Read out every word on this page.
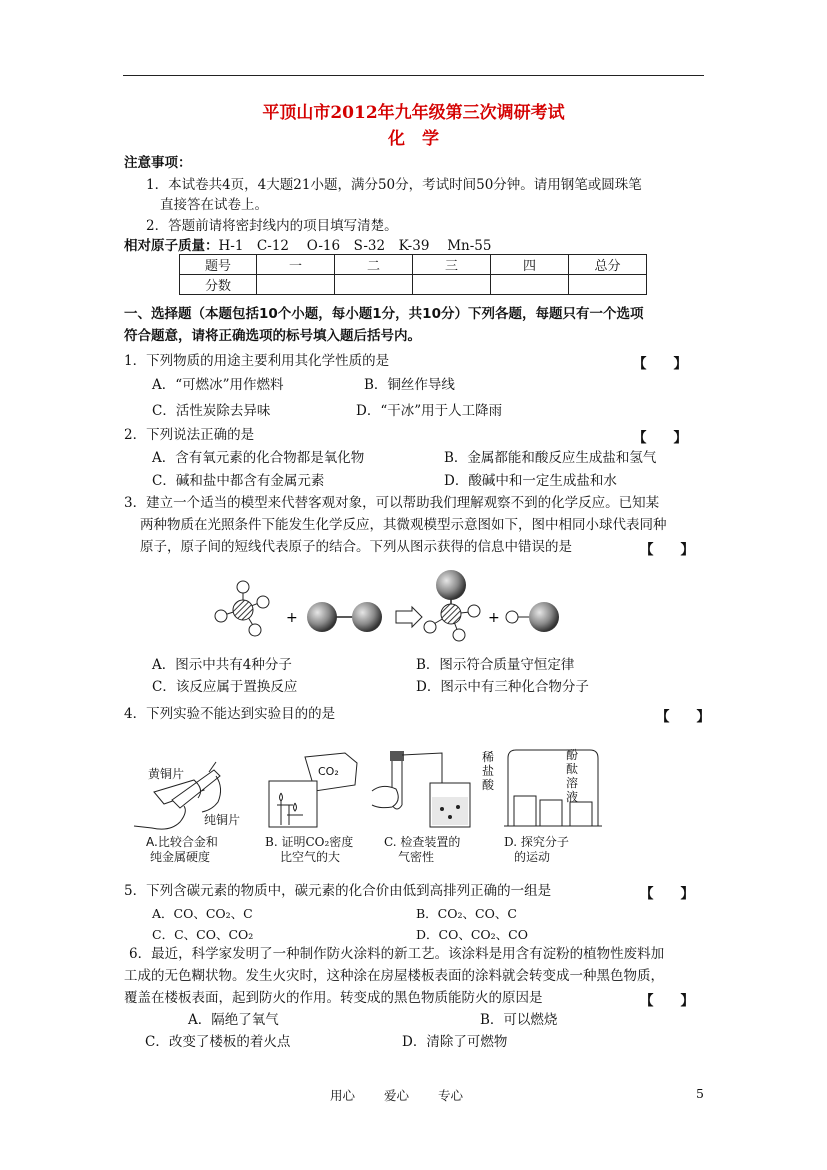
平顶山市2012年九年级第三次调研考试
化　学
注意事项：
1．本试卷共4页，4大题21小题，满分50分，考试时间50分钟。请用钢笔或圆珠笔
直接答在试卷上。
2．答题前请将密封线内的项目填写清楚。
相对原子质量：H-1　C-12　 O-16　S-32　K-39　 Mn-55
题号	一	二	三	四	总分
分数					
一、选择题（本题包括10个小题，每小题1分，共10分）下列各题，每题只有一个选项
符合题意，请将正确选项的标号填入题后括号内。
1．下列物质的用途主要利用其化学性质的是	【　　】
A．“可燃冰”用作燃料	B．铜丝作导线
C．活性炭除去异味	D．“干冰”用于人工降雨
2．下列说法正确的是	【　　】
A．含有氧元素的化合物都是氧化物	B．金属都能和酸反应生成盐和氢气
C．碱和盐中都含有金属元素	D．酸碱中和一定生成盐和水
3．建立一个适当的模型来代替客观对象，可以帮助我们理解观察不到的化学反应。已知某
两种物质在光照条件下能发生化学反应，其微观模型示意图如下，图中相同小球代表同种
原子，原子间的短线代表原子的结合。下列从图示获得的信息中错误的是	【　　】
+	+
A．图示中共有4种分子	B．图示符合质量守恒定律
C．该反应属于置换反应	D．图示中有三种化合物分子
4．下列实验不能达到实验目的的是	【　　】
黄铜片
纯铜片
A.比较合金和
纯金属硬度
CO₂
B. 证明CO₂密度
比空气的大
C. 检查装置的
气密性
稀盐酸
酚酞溶液
D. 探究分子
的运动
5．下列含碳元素的物质中，碳元素的化合价由低到高排列正确的一组是	【　　】
A．CO、CO₂、C	B．CO₂、CO、C
C．C、CO、CO₂	D．CO、CO₂、CO
6．最近，科学家发明了一种制作防火涂料的新工艺。该涂料是用含有淀粉的植物性废料加
工成的无色糊状物。发生火灾时，这种涂在房屋楼板表面的涂料就会转变成一种黑色物质，
覆盖在楼板表面，起到防火的作用。转变成的黑色物质能防火的原因是	【　　】
A．隔绝了氧气	B．可以燃烧
C．改变了楼板的着火点	D．清除了可燃物
用心　　 爱心　　 专心	5
